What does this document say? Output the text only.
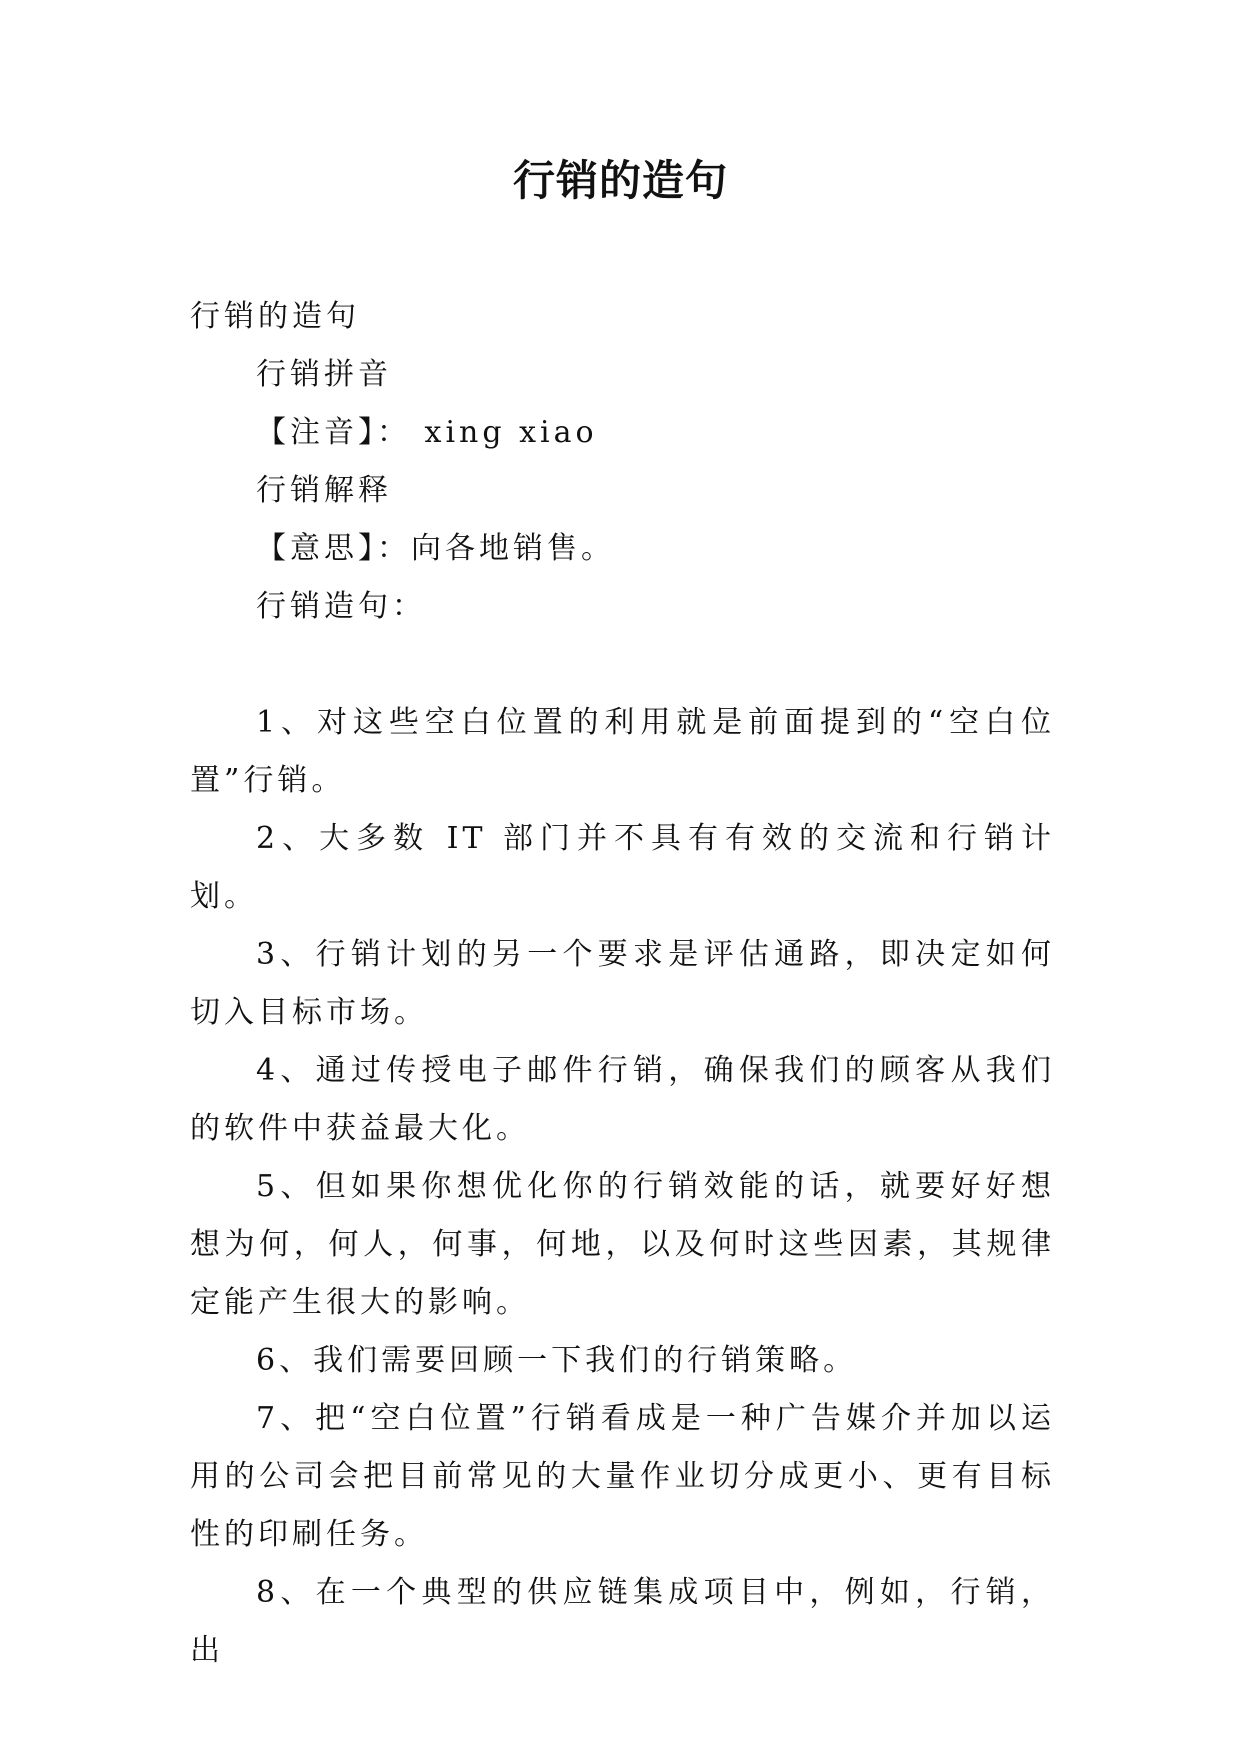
行销的造句

行销的造句

行销拼音

【注音】： xing xiao

行销解释

【意思】：向各地销售。

行销造句：

1、对这些空白位置的利用就是前面提到的“空白位置”行销。

2、大多数 IT 部门并不具有有效的交流和行销计划。

3、行销计划的另一个要求是评估通路，即决定如何切入目标市场。

4、通过传授电子邮件行销，确保我们的顾客从我们的软件中获益最大化。

5、但如果你想优化你的行销效能的话，就要好好想想为何，何人，何事，何地，以及何时这些因素，其规律定能产生很大的影响。

6、我们需要回顾一下我们的行销策略。

7、把“空白位置”行销看成是一种广告媒介并加以运用的公司会把目前常见的大量作业切分成更小、更有目标性的印刷任务。

8、在一个典型的供应链集成项目中，例如，行销，出
